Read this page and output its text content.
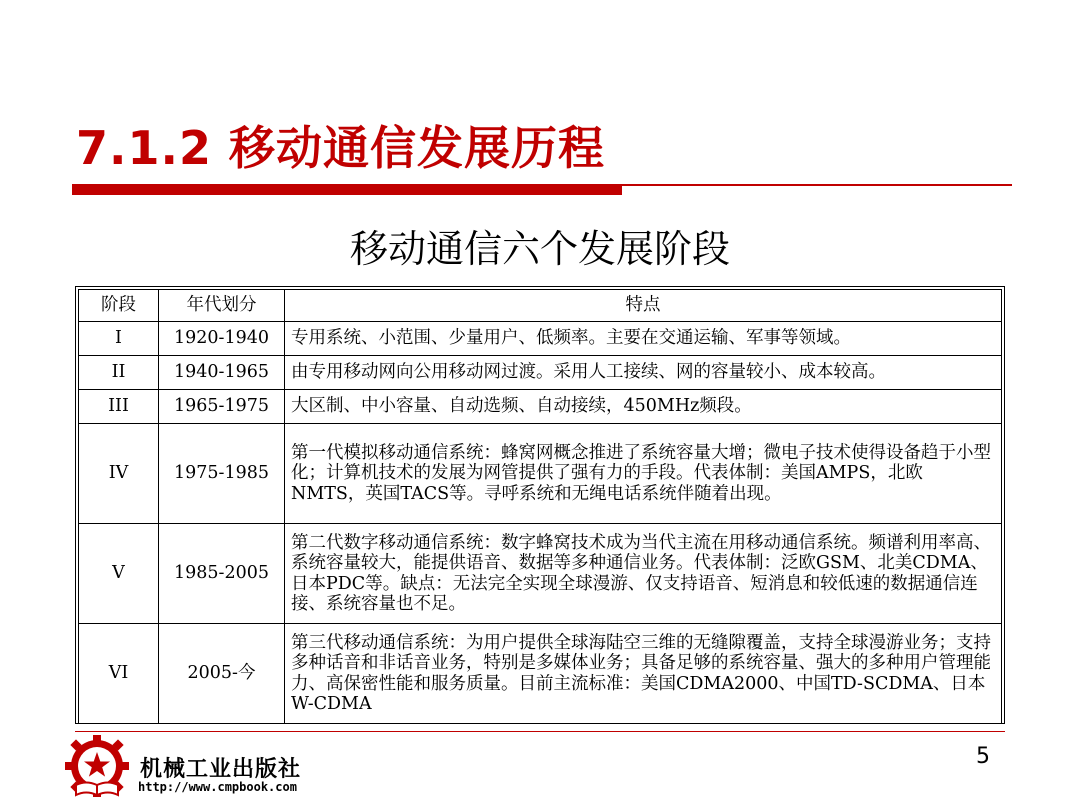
7.1.2 移动通信发展历程
移动通信六个发展阶段
阶段	年代划分	特点
I	1920-1940	专用系统、小范围、少量用户、低频率。主要在交通运输、军事等领域。
II	1940-1965	由专用移动网向公用移动网过渡。采用人工接续、网的容量较小、成本较高。
III	1965-1975	大区制、中小容量、自动选频、自动接续，450MHz频段。
IV	1975-1985	第一代模拟移动通信系统：蜂窝网概念推进了系统容量大增；微电子技术使得设备趋于小型化；计算机技术的发展为网管提供了强有力的手段。代表体制：美国AMPS，北欧NMTS，英国TACS等。寻呼系统和无绳电话系统伴随着出现。
V	1985-2005	第二代数字移动通信系统：数字蜂窝技术成为当代主流在用移动通信系统。频谱利用率高、系统容量较大，能提供语音、数据等多种通信业务。代表体制：泛欧GSM、北美CDMA、日本PDC等。缺点：无法完全实现全球漫游、仅支持语音、短消息和较低速的数据通信连接、系统容量也不足。
VI	2005-今	第三代移动通信系统：为用户提供全球海陆空三维的无缝隙覆盖，支持全球漫游业务；支持多种话音和非话音业务，特别是多媒体业务；具备足够的系统容量、强大的多种用户管理能力、高保密性能和服务质量。目前主流标准：美国CDMA2000、中国TD-SCDMA、日本W-CDMA
机械工业出版社
http://www.cmpbook.com
5
